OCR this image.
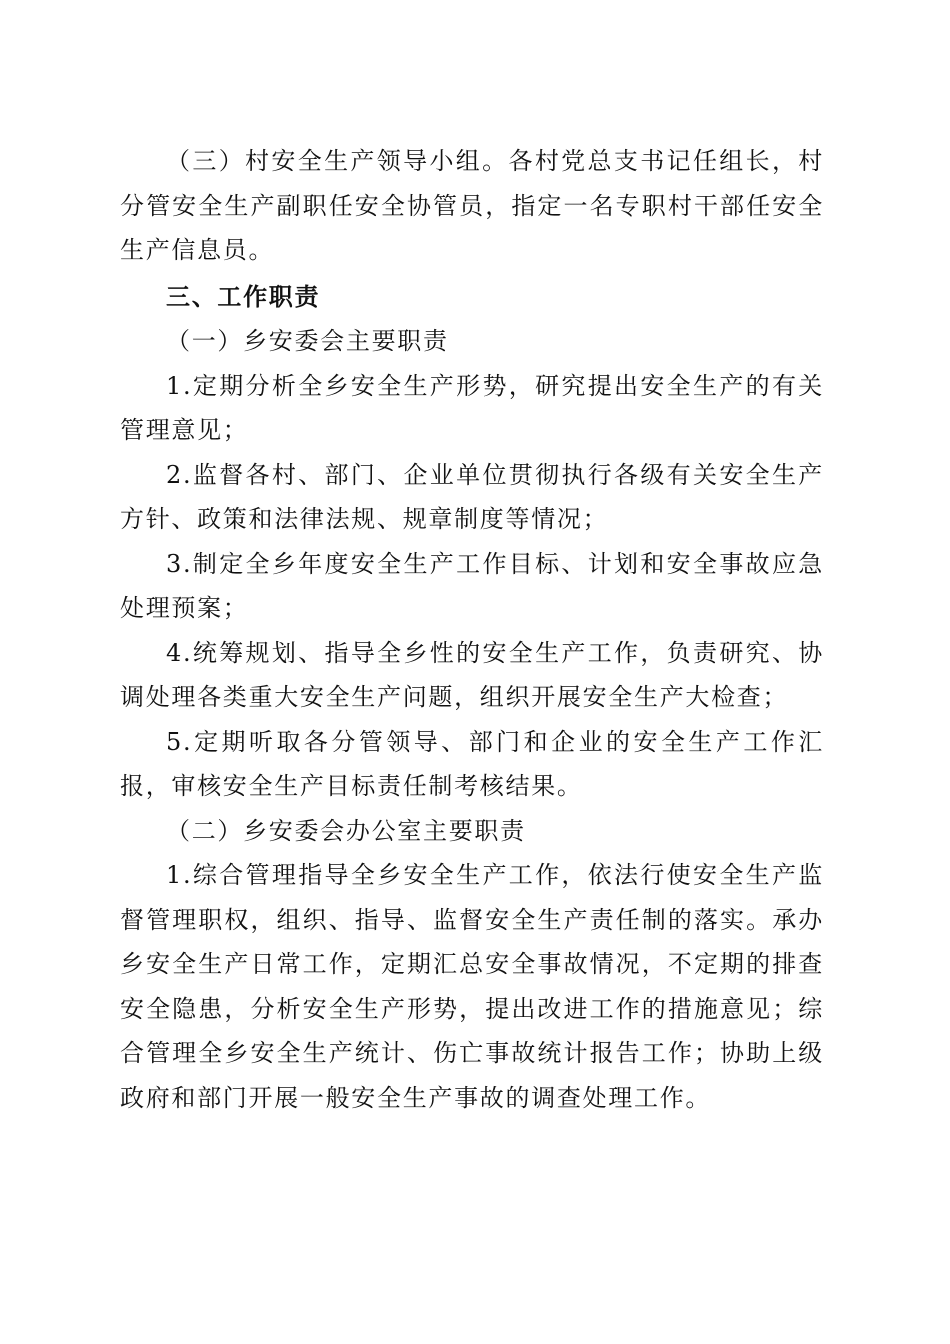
（三）村安全生产领导小组。各村党总支书记任组长，村分管安全生产副职任安全协管员，指定一名专职村干部任安全生产信息员。

三、工作职责

（一）乡安委会主要职责

1.定期分析全乡安全生产形势，研究提出安全生产的有关管理意见；

2.监督各村、部门、企业单位贯彻执行各级有关安全生产方针、政策和法律法规、规章制度等情况；

3.制定全乡年度安全生产工作目标、计划和安全事故应急处理预案；

4.统筹规划、指导全乡性的安全生产工作，负责研究、协调处理各类重大安全生产问题，组织开展安全生产大检查；

5.定期听取各分管领导、部门和企业的安全生产工作汇报，审核安全生产目标责任制考核结果。

（二）乡安委会办公室主要职责

1.综合管理指导全乡安全生产工作，依法行使安全生产监督管理职权，组织、指导、监督安全生产责任制的落实。承办乡安全生产日常工作，定期汇总安全事故情况，不定期的排查安全隐患，分析安全生产形势，提出改进工作的措施意见；综合管理全乡安全生产统计、伤亡事故统计报告工作；协助上级政府和部门开展一般安全生产事故的调查处理工作。
